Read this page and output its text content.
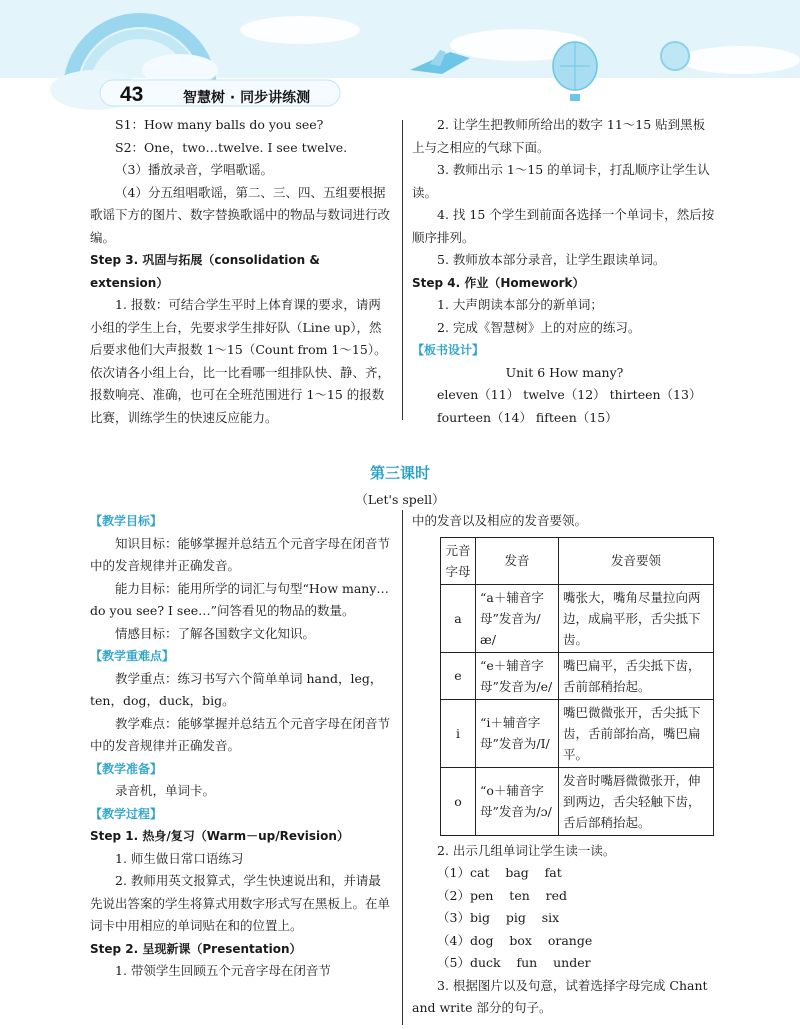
43	智慧树 · 同步讲练测

S1：How many balls do you see?

S2：One，two…twelve. I see twelve.

（3）播放录音，学唱歌谣。

（4）分五组唱歌谣，第二、三、四、五组要根据歌谣下方的图片、数字替换歌谣中的物品与数词进行改编。

Step 3. 巩固与拓展（consolidation & extension）

1. 报数：可结合学生平时上体育课的要求，请两小组的学生上台，先要求学生排好队（Line up），然后要求他们大声报数 1～15（Count from 1～15）。依次请各小组上台，比一比看哪一组排队快、静、齐，报数响亮、准确，也可在全班范围进行 1～15 的报数比赛，训练学生的快速反应能力。

2. 让学生把教师所给出的数字 11～15 贴到黑板上与之相应的气球下面。

3. 教师出示 1～15 的单词卡，打乱顺序让学生认读。

4. 找 15 个学生到前面各选择一个单词卡，然后按顺序排列。

5. 教师放本部分录音，让学生跟读单词。

Step 4. 作业（Homework）

1. 大声朗读本部分的新单词；

2. 完成《智慧树》上的对应的练习。

【板书设计】

Unit 6 How many?

eleven（11） twelve（12） thirteen（13）

fourteen（14） fifteen（15）

第三课时
（Let's spell）

【教学目标】

知识目标：能够掌握并总结五个元音字母在闭音节中的发音规律并正确发音。

能力目标：能用所学的词汇与句型“How many…do you see? I see…”问答看见的物品的数量。

情感目标：了解各国数字文化知识。

【教学重难点】

教学重点：练习书写六个简单单词 hand，leg，ten，dog，duck，big。

教学难点：能够掌握并总结五个元音字母在闭音节中的发音规律并正确发音。

【教学准备】

录音机，单词卡。

【教学过程】

Step 1. 热身/复习（Warm－up/Revision）

1. 师生做日常口语练习

2. 教师用英文报算式，学生快速说出和，并请最先说出答案的学生将算式用数字形式写在黑板上。在单词卡中用相应的单词贴在和的位置上。

Step 2. 呈现新课（Presentation）

1. 带领学生回顾五个元音字母在闭音节

中的发音以及相应的发音要领。

元音字母	发音	发音要领
a	“a＋辅音字母”发音为/æ/	嘴张大，嘴角尽量拉向两边，成扁平形，舌尖抵下齿。
e	“e＋辅音字母”发音为/e/	嘴巴扁平，舌尖抵下齿，舌前部稍抬起。
i	“i＋辅音字母”发音为/I/	嘴巴微微张开，舌尖抵下齿，舌前部抬高，嘴巴扁平。
o	“o＋辅音字母”发音为/ɔ/	发音时嘴唇微微张开，伸到两边，舌尖轻触下齿，舌后部稍抬起。

2. 出示几组单词让学生读一读。

（1）cat    bag    fat

（2）pen    ten    red

（3）big    pig    six

（4）dog    box    orange

（5）duck    fun    under

3. 根据图片以及句意，试着选择字母完成 Chant and write 部分的句子。
